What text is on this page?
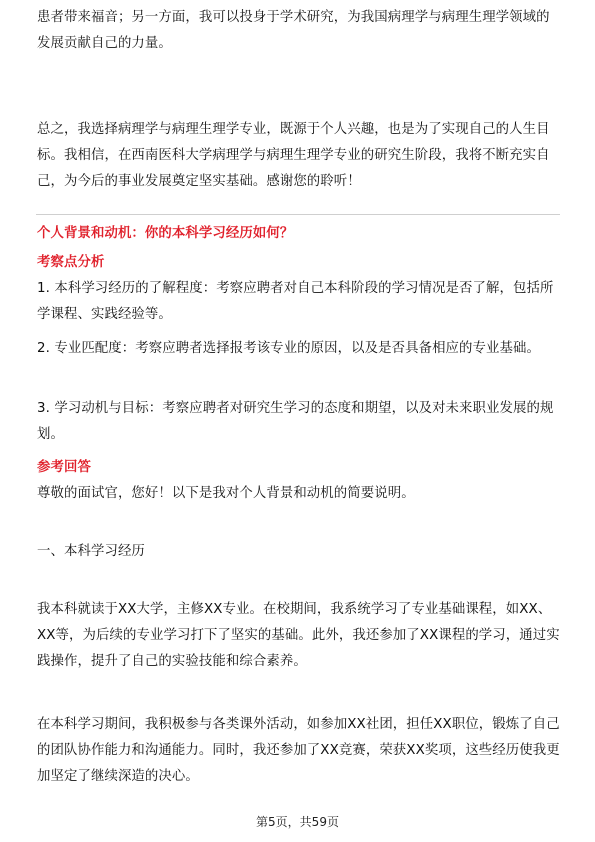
患者带来福音；另一方面，我可以投身于学术研究，为我国病理学与病理生理学领域的发展贡献自己的力量。

总之，我选择病理学与病理生理学专业，既源于个人兴趣，也是为了实现自己的人生目标。我相信，在西南医科大学病理学与病理生理学专业的研究生阶段，我将不断充实自己，为今后的事业发展奠定坚实基础。感谢您的聆听！

个人背景和动机：你的本科学习经历如何？

考察点分析

1. 本科学习经历的了解程度：考察应聘者对自己本科阶段的学习情况是否了解，包括所学课程、实践经验等。

2. 专业匹配度：考察应聘者选择报考该专业的原因，以及是否具备相应的专业基础。

3. 学习动机与目标：考察应聘者对研究生学习的态度和期望，以及对未来职业发展的规划。

参考回答

尊敬的面试官，您好！以下是我对个人背景和动机的简要说明。

一、本科学习经历

我本科就读于XX大学，主修XX专业。在校期间，我系统学习了专业基础课程，如XX、XX等，为后续的专业学习打下了坚实的基础。此外，我还参加了XX课程的学习，通过实践操作，提升了自己的实验技能和综合素养。

在本科学习期间，我积极参与各类课外活动，如参加XX社团，担任XX职位，锻炼了自己的团队协作能力和沟通能力。同时，我还参加了XX竞赛，荣获XX奖项，这些经历使我更加坚定了继续深造的决心。

第5页，共59页
